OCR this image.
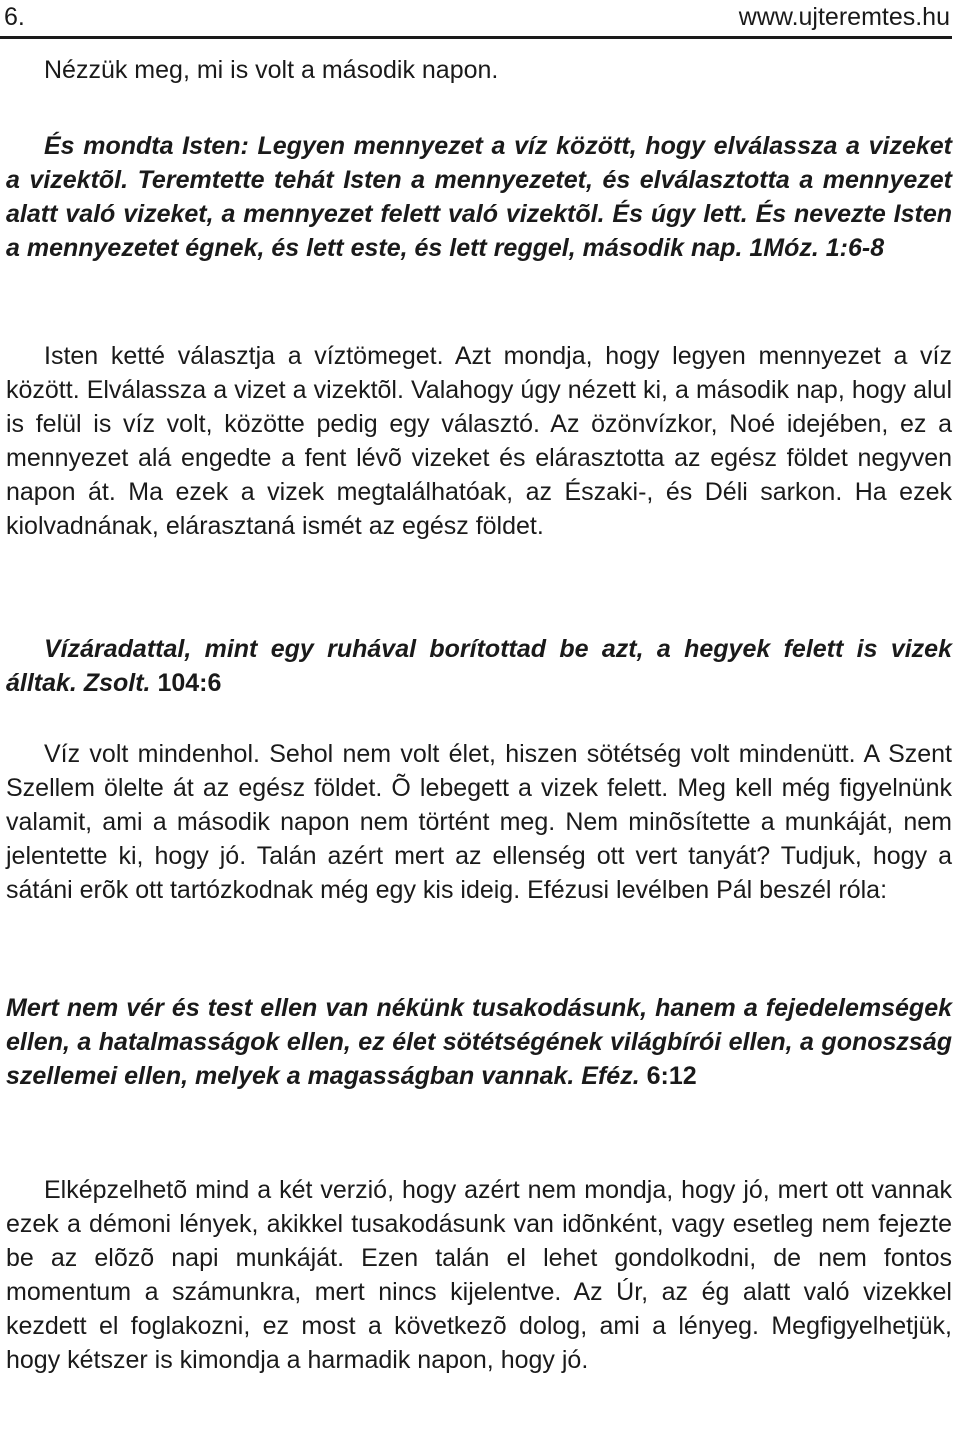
6.	www.ujteremtes.hu

Nézzük meg, mi is volt a második napon.

És mondta Isten: Legyen mennyezet a víz között, hogy elválassza a vizeket a vizektõl. Teremtette tehát Isten a mennyezetet, és elválasztotta a mennyezet alatt való vizeket, a mennyezet felett való vizektõl. És úgy lett. És nevezte Isten a mennyezetet égnek, és lett este, és lett reggel, második nap. 1Móz. 1:6-8

Isten ketté választja a víztömeget. Azt mondja, hogy legyen mennyezet a víz között. Elválassza a vizet a vizektõl. Valahogy úgy nézett ki, a második nap, hogy alul is felül is víz volt, közötte pedig egy választó. Az özönvízkor, Noé idejében, ez a mennyezet alá engedte a fent lévõ vizeket és elárasztotta az egész földet negyven napon át. Ma ezek a vizek megtalálhatóak, az Északi-, és Déli sarkon. Ha ezek kiolvadnának, elárasztaná ismét az egész földet.

Vízáradattal, mint egy ruhával borítottad be azt, a hegyek felett is vizek álltak. Zsolt. 104:6

Víz volt mindenhol. Sehol nem volt élet, hiszen sötétség volt mindenütt. A Szent Szellem ölelte át az egész földet. Õ lebegett a vizek felett. Meg kell még figyelnünk valamit, ami a második napon nem történt meg. Nem minõsítette a munkáját, nem jelentette ki, hogy jó. Talán azért mert az ellenség ott vert tanyát? Tudjuk, hogy a sátáni erõk ott tartózkodnak még egy kis ideig. Efézusi levélben Pál beszél róla:

Mert nem vér és test ellen van nékünk tusakodásunk, hanem a fejedelemségek ellen, a hatalmasságok ellen, ez élet sötétségének világbírói ellen, a gonoszság szellemei ellen, melyek a magasságban vannak. Eféz. 6:12

Elképzelhetõ mind a két verzió, hogy azért nem mondja, hogy jó, mert ott vannak ezek a démoni lények, akikkel tusakodásunk van idõnként, vagy esetleg nem fejezte be az elõzõ napi munkáját. Ezen talán el lehet gondolkodni, de nem fontos momentum a számunkra, mert nincs kijelentve. Az Úr, az ég alatt való vizekkel kezdett el foglakozni, ez most a következõ dolog, ami a lényeg. Megfigyelhetjük, hogy kétszer is kimondja a harmadik napon, hogy jó.
